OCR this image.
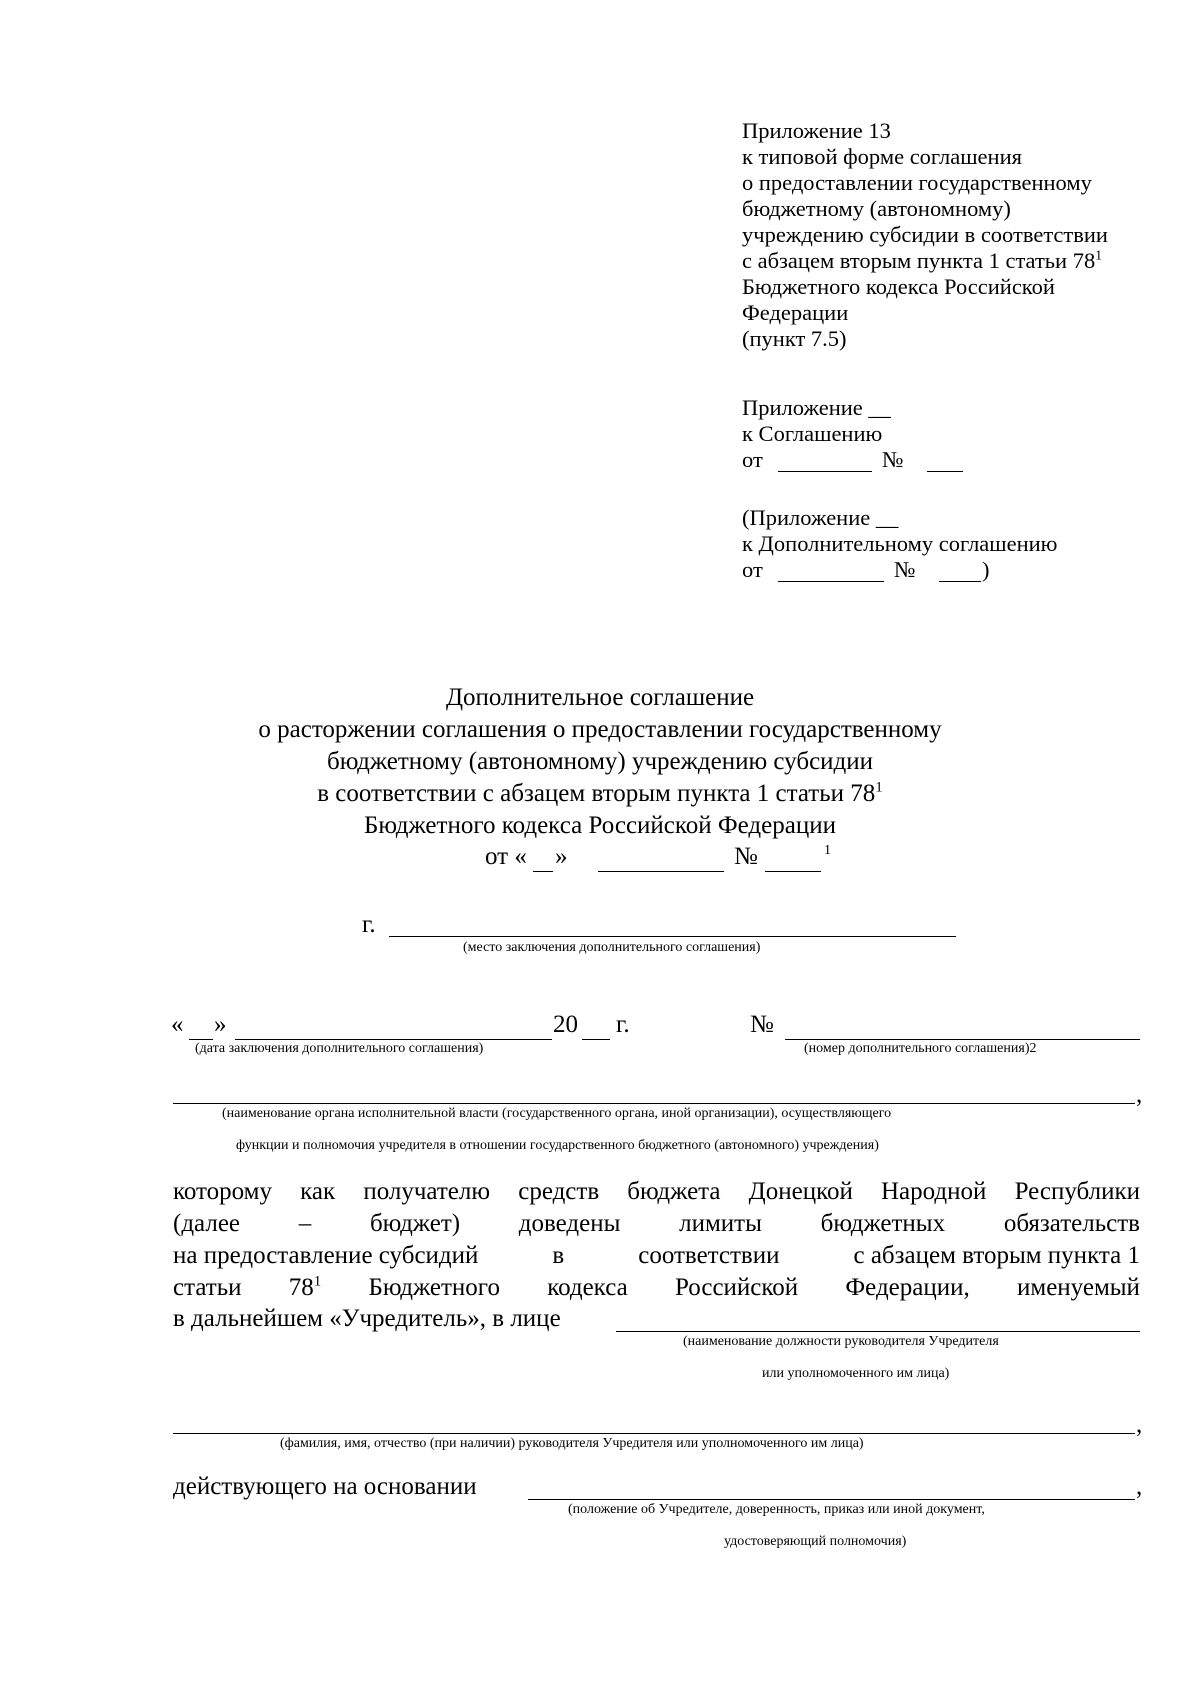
Приложение 13
к типовой форме соглашения
о предоставлении государственному
бюджетному (автономному)
учреждению субсидии в соответствии
с абзацем вторым пункта 1 статьи $78^1$
Бюджетного кодекса Российской
Федерации
(пункт 7.5)
Приложение __
к Соглашению
от	№
(Приложение __
к Дополнительному соглашению
от	№	)
Дополнительное соглашение
о расторжении соглашения о предоставлении государственному
бюджетному (автономному) учреждению субсидии
в соответствии с абзацем вторым пункта 1 статьи $78^1$
Бюджетного кодекса Российской Федерации
от « »	№	1
г.
(место заключения дополнительного соглашения)
« »	20 г.
(дата заключения дополнительного соглашения)
№
(номер дополнительного соглашения)2
,
(наименование органа исполнительной власти (государственного органа, иной организации), осуществляющего
функции и полномочия учредителя в отношении государственного бюджетного (автономного) учреждения)
которому как получателю средств бюджета Донецкой Народной Республики
(далее – бюджет) доведены лимиты бюджетных обязательств
на предоставление субсидий	в	соответствии	с абзацем вторым пункта 1
статьи $78^1$ Бюджетного кодекса Российской Федерации, именуемый
в дальнейшем «Учредитель», в лице
(наименование должности руководителя Учредителя
или уполномоченного им лица)
,
(фамилия, имя, отчество (при наличии) руководителя Учредителя или уполномоченного им лица)
действующего на основании	,
(положение об Учредителе, доверенность, приказ или иной документ,
удостоверяющий полномочия)
